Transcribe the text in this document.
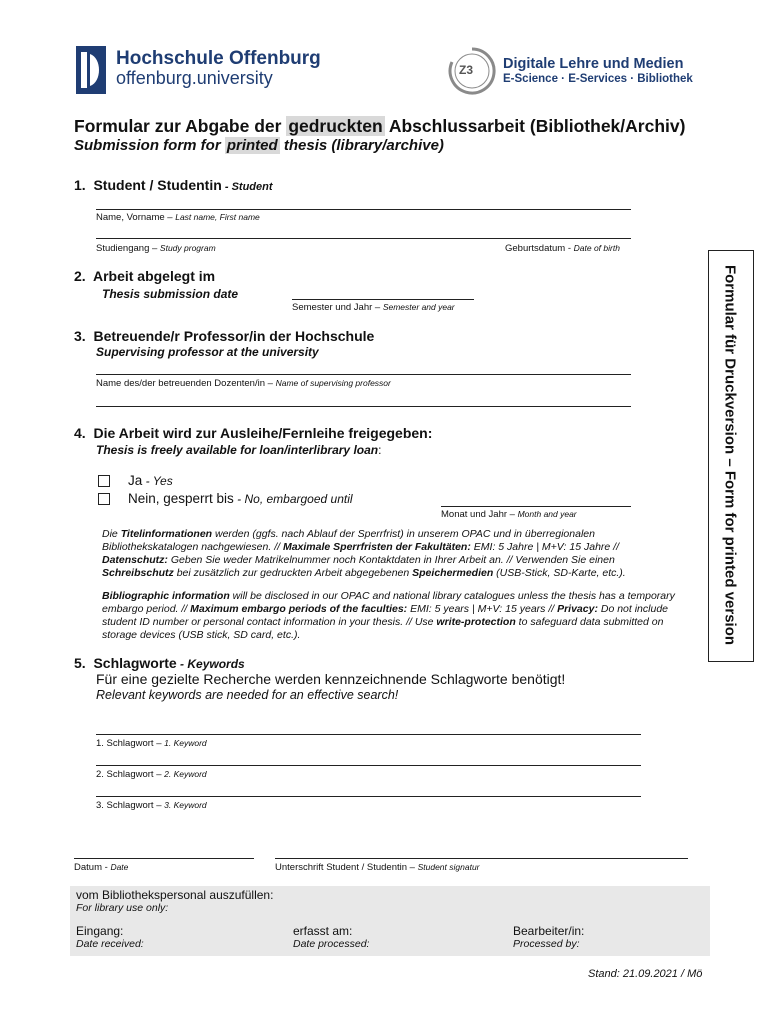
Hochschule Offenburg
offenburg.university	Z3 Digitale Lehre und Medien
E-Science · E-Services · Bibliothek
Formular zur Abgabe der gedruckten Abschlussarbeit (Bibliothek/Archiv)
Submission form for printed thesis (library/archive)
Formular für Druckversion – Form for printed version
1. Student / Studentin - Student
Name, Vorname – Last name, First name
Studiengang – Study program	Geburtsdatum - Date of birth
2. Arbeit abgelegt im
Thesis submission date
Semester und Jahr – Semester and year
3. Betreuende/r Professor/in der Hochschule
Supervising professor at the university
Name des/der betreuenden Dozenten/in – Name of supervising professor
4. Die Arbeit wird zur Ausleihe/Fernleihe freigegeben:
Thesis is freely available for loan/interlibrary loan:
Ja - Yes
Nein, gesperrt bis - No, embargoed until
Monat und Jahr – Month and year
Die Titelinformationen werden (ggfs. nach Ablauf der Sperrfrist) in unserem OPAC und in überregionalen Bibliothekskatalogen nachgewiesen. // Maximale Sperrfristen der Fakultäten: EMI: 5 Jahre | M+V: 15 Jahre // Datenschutz: Geben Sie weder Matrikelnummer noch Kontaktdaten in Ihrer Arbeit an. // Verwenden Sie einen Schreibschutz bei zusätzlich zur gedruckten Arbeit abgegebenen Speichermedien (USB-Stick, SD-Karte, etc.).
Bibliographic information will be disclosed in our OPAC and national library catalogues unless the thesis has a temporary embargo period. // Maximum embargo periods of the faculties: EMI: 5 years | M+V: 15 years // Privacy: Do not include student ID number or personal contact information in your thesis. // Use write-protection to safeguard data submitted on storage devices (USB stick, SD card, etc.).
5. Schlagworte - Keywords
Für eine gezielte Recherche werden kennzeichnende Schlagworte benötigt!
Relevant keywords are needed for an effective search!
1. Schlagwort – 1. Keyword
2. Schlagwort – 2. Keyword
3. Schlagwort – 3. Keyword
Datum - Date	Unterschrift Student / Studentin – Student signatur
vom Bibliothekspersonal auszufüllen:
For library use only:
Eingang:
Date received:
erfasst am:
Date processed:
Bearbeiter/in:
Processed by:
Stand: 21.09.2021 / Mö
